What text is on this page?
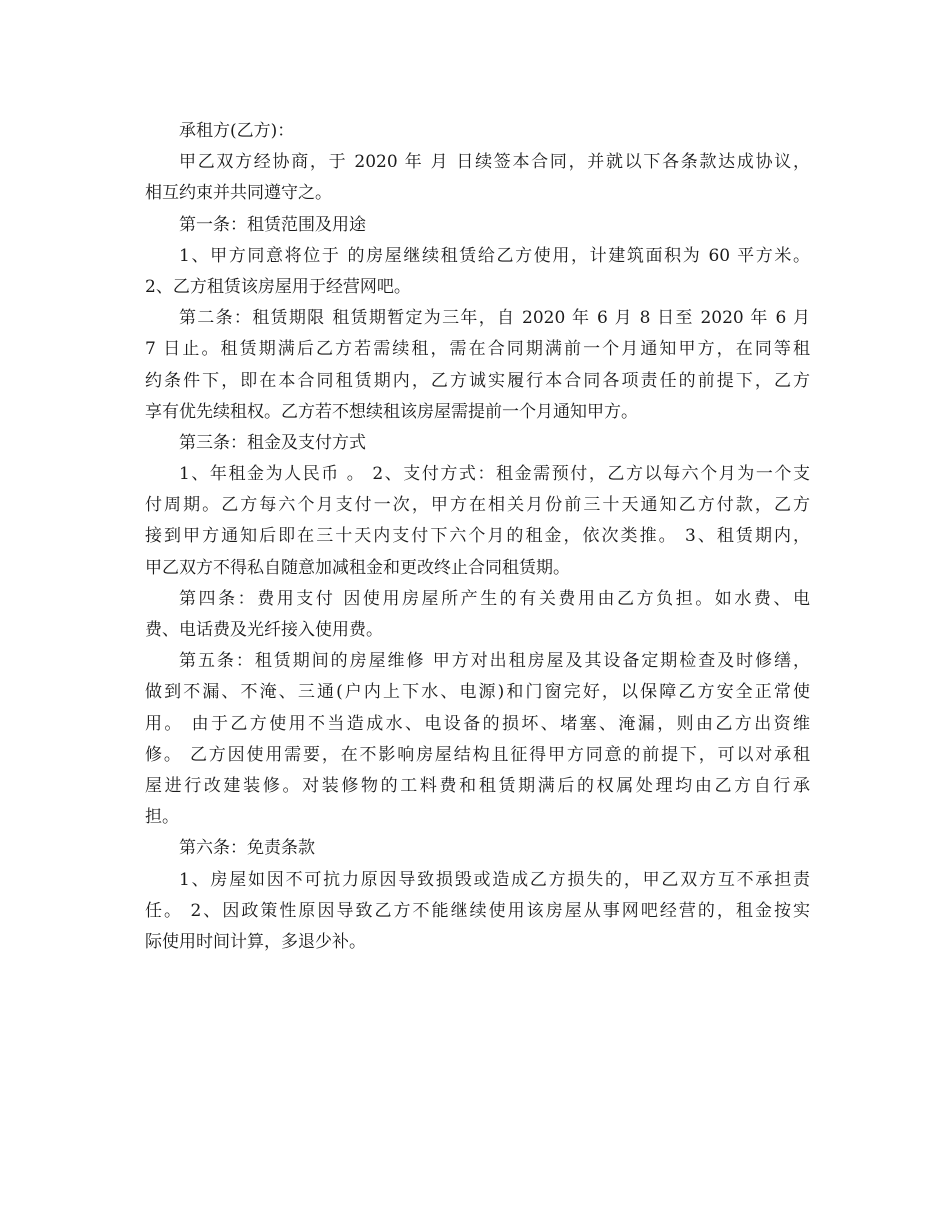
承租方(乙方)：
甲乙双方经协商，于 2020 年 月 日续签本合同，并就以下各条款达成协议，
相互约束并共同遵守之。
第一条：租赁范围及用途
1、甲方同意将位于 的房屋继续租赁给乙方使用，计建筑面积为 60 平方米。
2、乙方租赁该房屋用于经营网吧。
第二条：租赁期限 租赁期暂定为三年，自 2020 年 6 月 8 日至 2020 年 6 月
7 日止。租赁期满后乙方若需续租，需在合同期满前一个月通知甲方，在同等租
约条件下，即在本合同租赁期内，乙方诚实履行本合同各项责任的前提下，乙方
享有优先续租权。乙方若不想续租该房屋需提前一个月通知甲方。
第三条：租金及支付方式
1、年租金为人民币 。 2、支付方式：租金需预付，乙方以每六个月为一个支
付周期。乙方每六个月支付一次，甲方在相关月份前三十天通知乙方付款，乙方
接到甲方通知后即在三十天内支付下六个月的租金，依次类推。 3、租赁期内，
甲乙双方不得私自随意加减租金和更改终止合同租赁期。
第四条：费用支付 因使用房屋所产生的有关费用由乙方负担。如水费、电
费、电话费及光纤接入使用费。
第五条：租赁期间的房屋维修 甲方对出租房屋及其设备定期检查及时修缮，
做到不漏、不淹、三通(户内上下水、电源)和门窗完好，以保障乙方安全正常使
用。 由于乙方使用不当造成水、电设备的损坏、堵塞、淹漏，则由乙方出资维
修。 乙方因使用需要，在不影响房屋结构且征得甲方同意的前提下，可以对承租
屋进行改建装修。对装修物的工料费和租赁期满后的权属处理均由乙方自行承
担。
第六条：免责条款
1、房屋如因不可抗力原因导致损毁或造成乙方损失的，甲乙双方互不承担责
任。 2、因政策性原因导致乙方不能继续使用该房屋从事网吧经营的，租金按实
际使用时间计算，多退少补。
